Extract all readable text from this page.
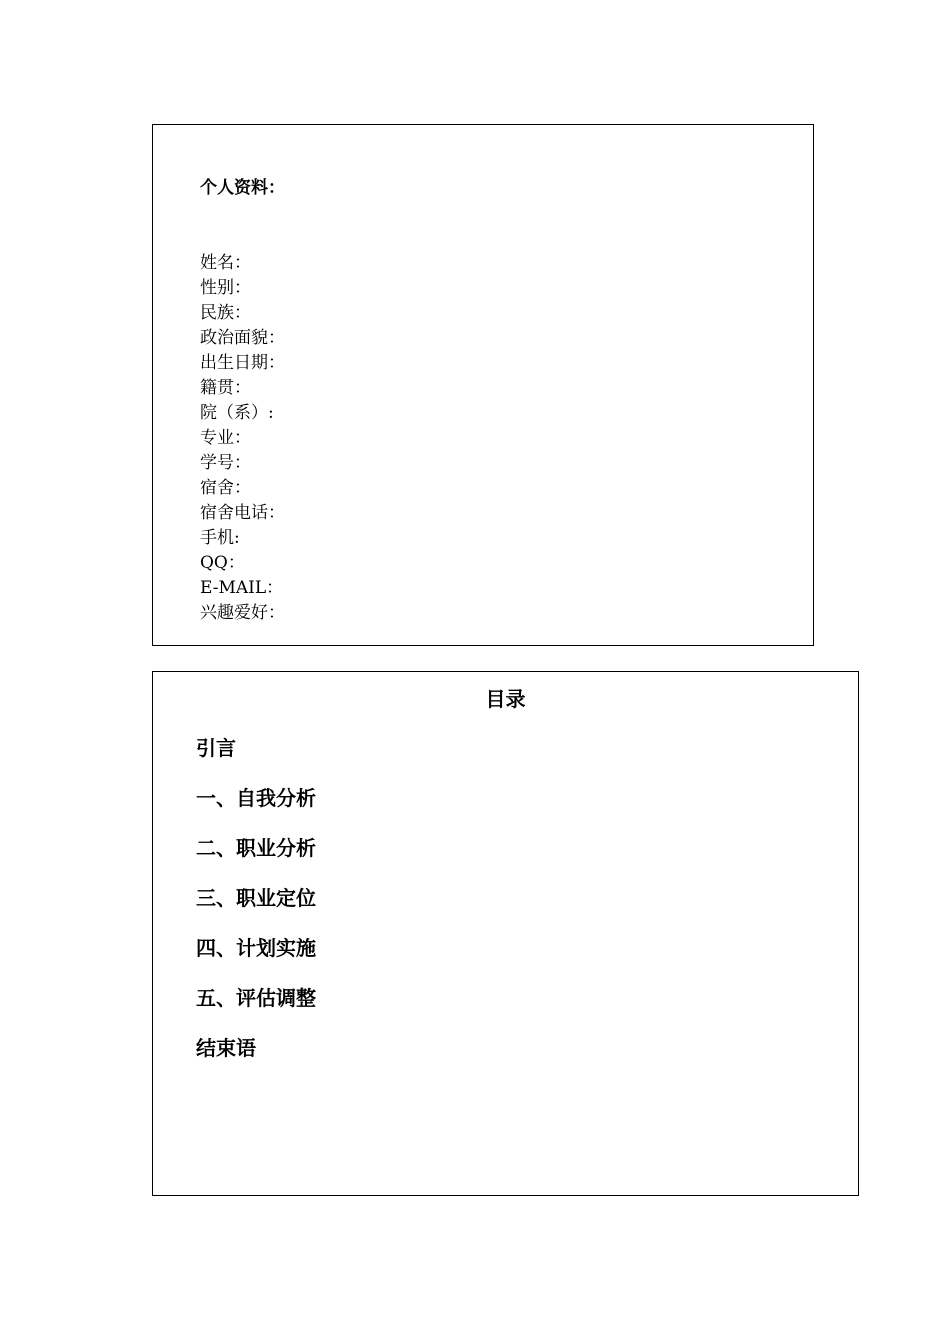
个人资料：

姓名：
性别：
民族：
政治面貌：
出生日期：
籍贯：
院（系）:
专业：
学号：
宿舍：
宿舍电话：
手机:
QQ：
E-MAIL：
兴趣爱好：

目录

引言
一、自我分析
二、职业分析
三、职业定位
四、计划实施
五、评估调整
结束语
